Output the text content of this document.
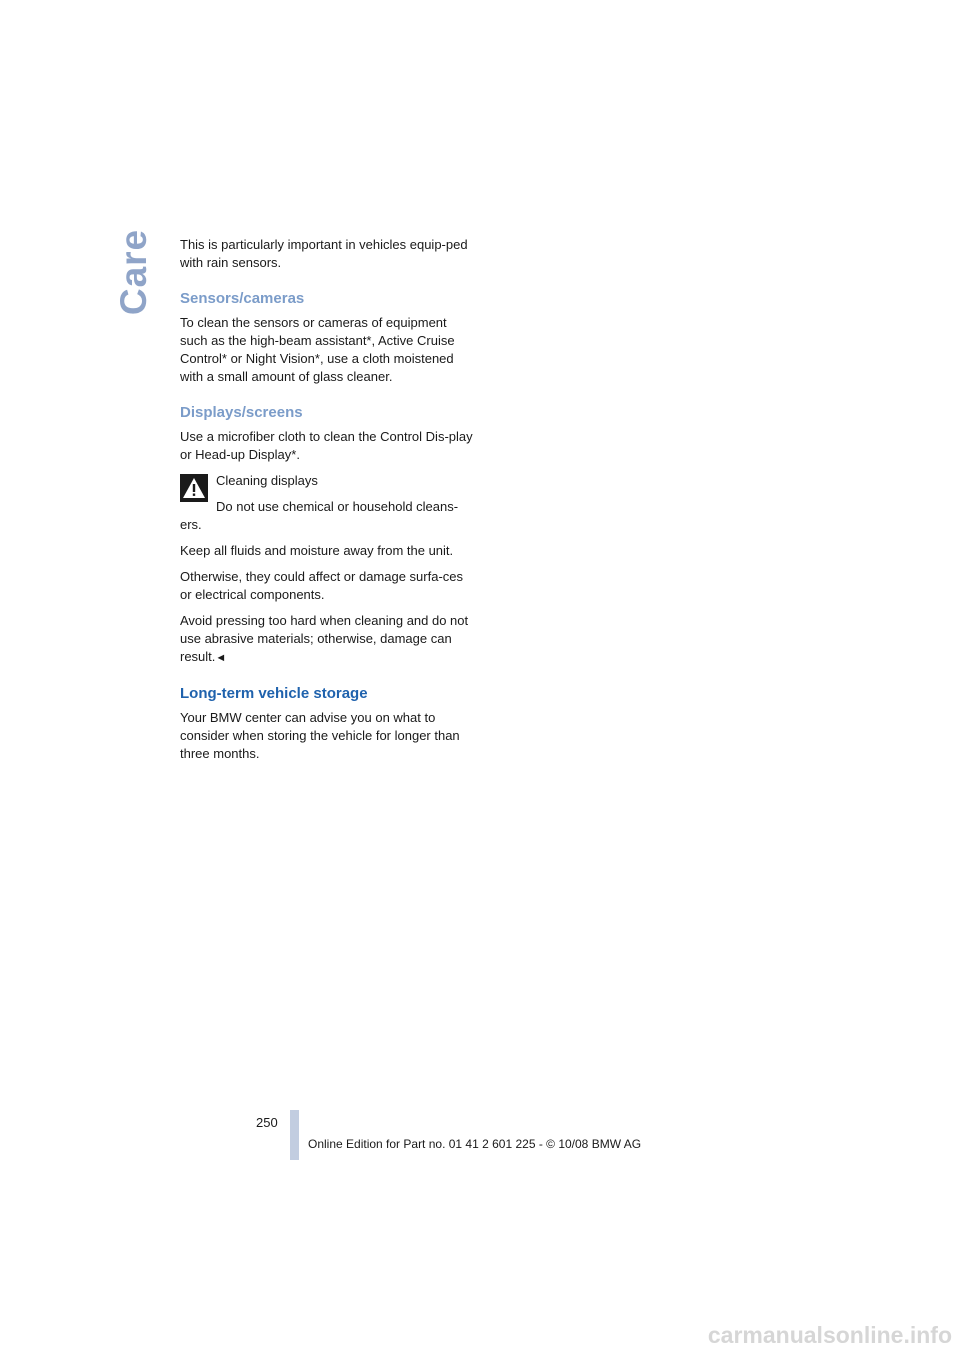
Care This is particularly important in vehicles equip-ped with rain sensors.

Sensors/cameras

To clean the sensors or cameras of equipment such as the high-beam assistant*, Active Cruise Control* or Night Vision*, use a cloth moistened with a small amount of glass cleaner.

Displays/screens

Use a microfiber cloth to clean the Control Dis-play or Head-up Display*.

Cleaning displays

Do not use chemical or household cleans-

ers.

Keep all fluids and moisture away from the unit.

Otherwise, they could affect or damage surfa-ces or electrical components.

Avoid pressing too hard when cleaning and do not use abrasive materials; otherwise, damage can result.◄

Long-term vehicle storage

Your BMW center can advise you on what to consider when storing the vehicle for longer than three months.

250
Online Edition for Part no. 01 41 2 601 225 - © 10/08 BMW AG
carmanualsonline.info
